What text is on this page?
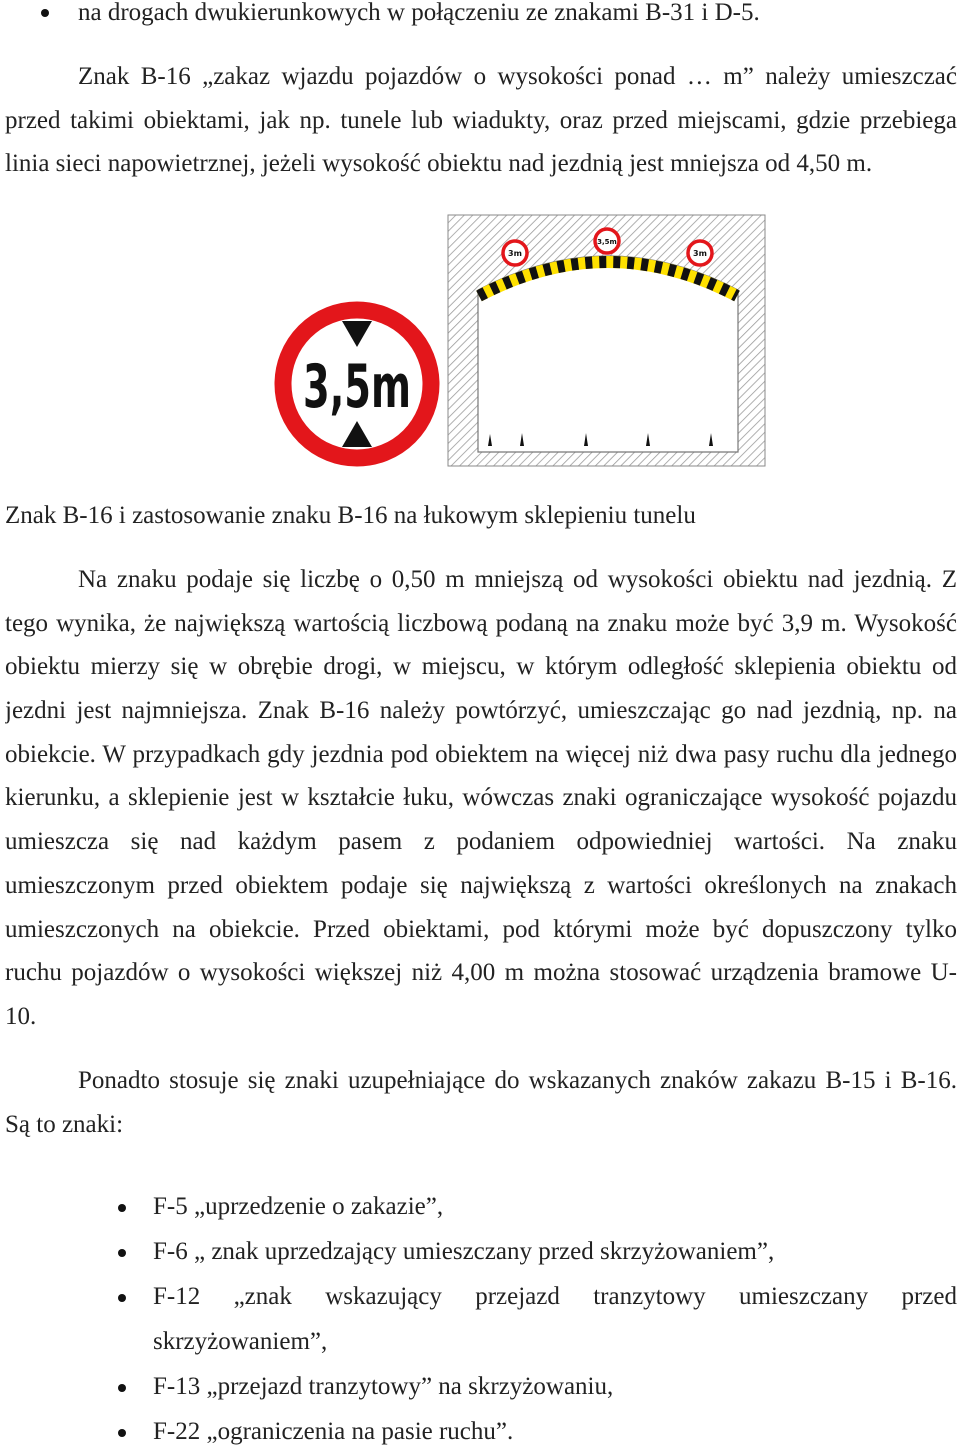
na drogach dwukierunkowych w połączeniu ze znakami B-31 i D-5.
Znak B-16 „zakaz wjazdu pojazdów o wysokości ponad … m” należy umieszczać
przed takimi obiektami, jak np. tunele lub wiadukty, oraz przed miejscami, gdzie przebiega
linia sieci napowietrznej, jeżeli wysokość obiektu nad jezdnią jest mniejsza od 4,50 m.
3,5m
3m
3,5m
3m
Znak B-16 i zastosowanie znaku B-16 na łukowym sklepieniu tunelu
Na znaku podaje się liczbę o 0,50 m mniejszą od wysokości obiektu nad jezdnią. Z
tego wynika, że największą wartością liczbową podaną na znaku może być 3,9 m. Wysokość
obiektu mierzy się w obrębie drogi, w miejscu, w którym odległość sklepienia obiektu od
jezdni jest najmniejsza. Znak B-16 należy powtórzyć, umieszczając go nad jezdnią, np. na
obiekcie. W przypadkach gdy jezdnia pod obiektem na więcej niż dwa pasy ruchu dla jednego
kierunku, a sklepienie jest w kształcie łuku, wówczas znaki ograniczające wysokość pojazdu
umieszcza się nad każdym pasem z podaniem odpowiedniej wartości. Na znaku
umieszczonym przed obiektem podaje się największą z wartości określonych na znakach
umieszczonych na obiekcie. Przed obiektami, pod którymi może być dopuszczony tylko
ruchu pojazdów o wysokości większej niż 4,00 m można stosować urządzenia bramowe U-
10.
Ponadto stosuje się znaki uzupełniające do wskazanych znaków zakazu B-15 i B-16.
Są to znaki:
F-5 „uprzedzenie o zakazie”,
F-6 „ znak uprzedzający umieszczany przed skrzyżowaniem”,
F-12 „znak wskazujący przejazd tranzytowy umieszczany przed
skrzyżowaniem”,
F-13 „przejazd tranzytowy” na skrzyżowaniu,
F-22 „ograniczenia na pasie ruchu”.
